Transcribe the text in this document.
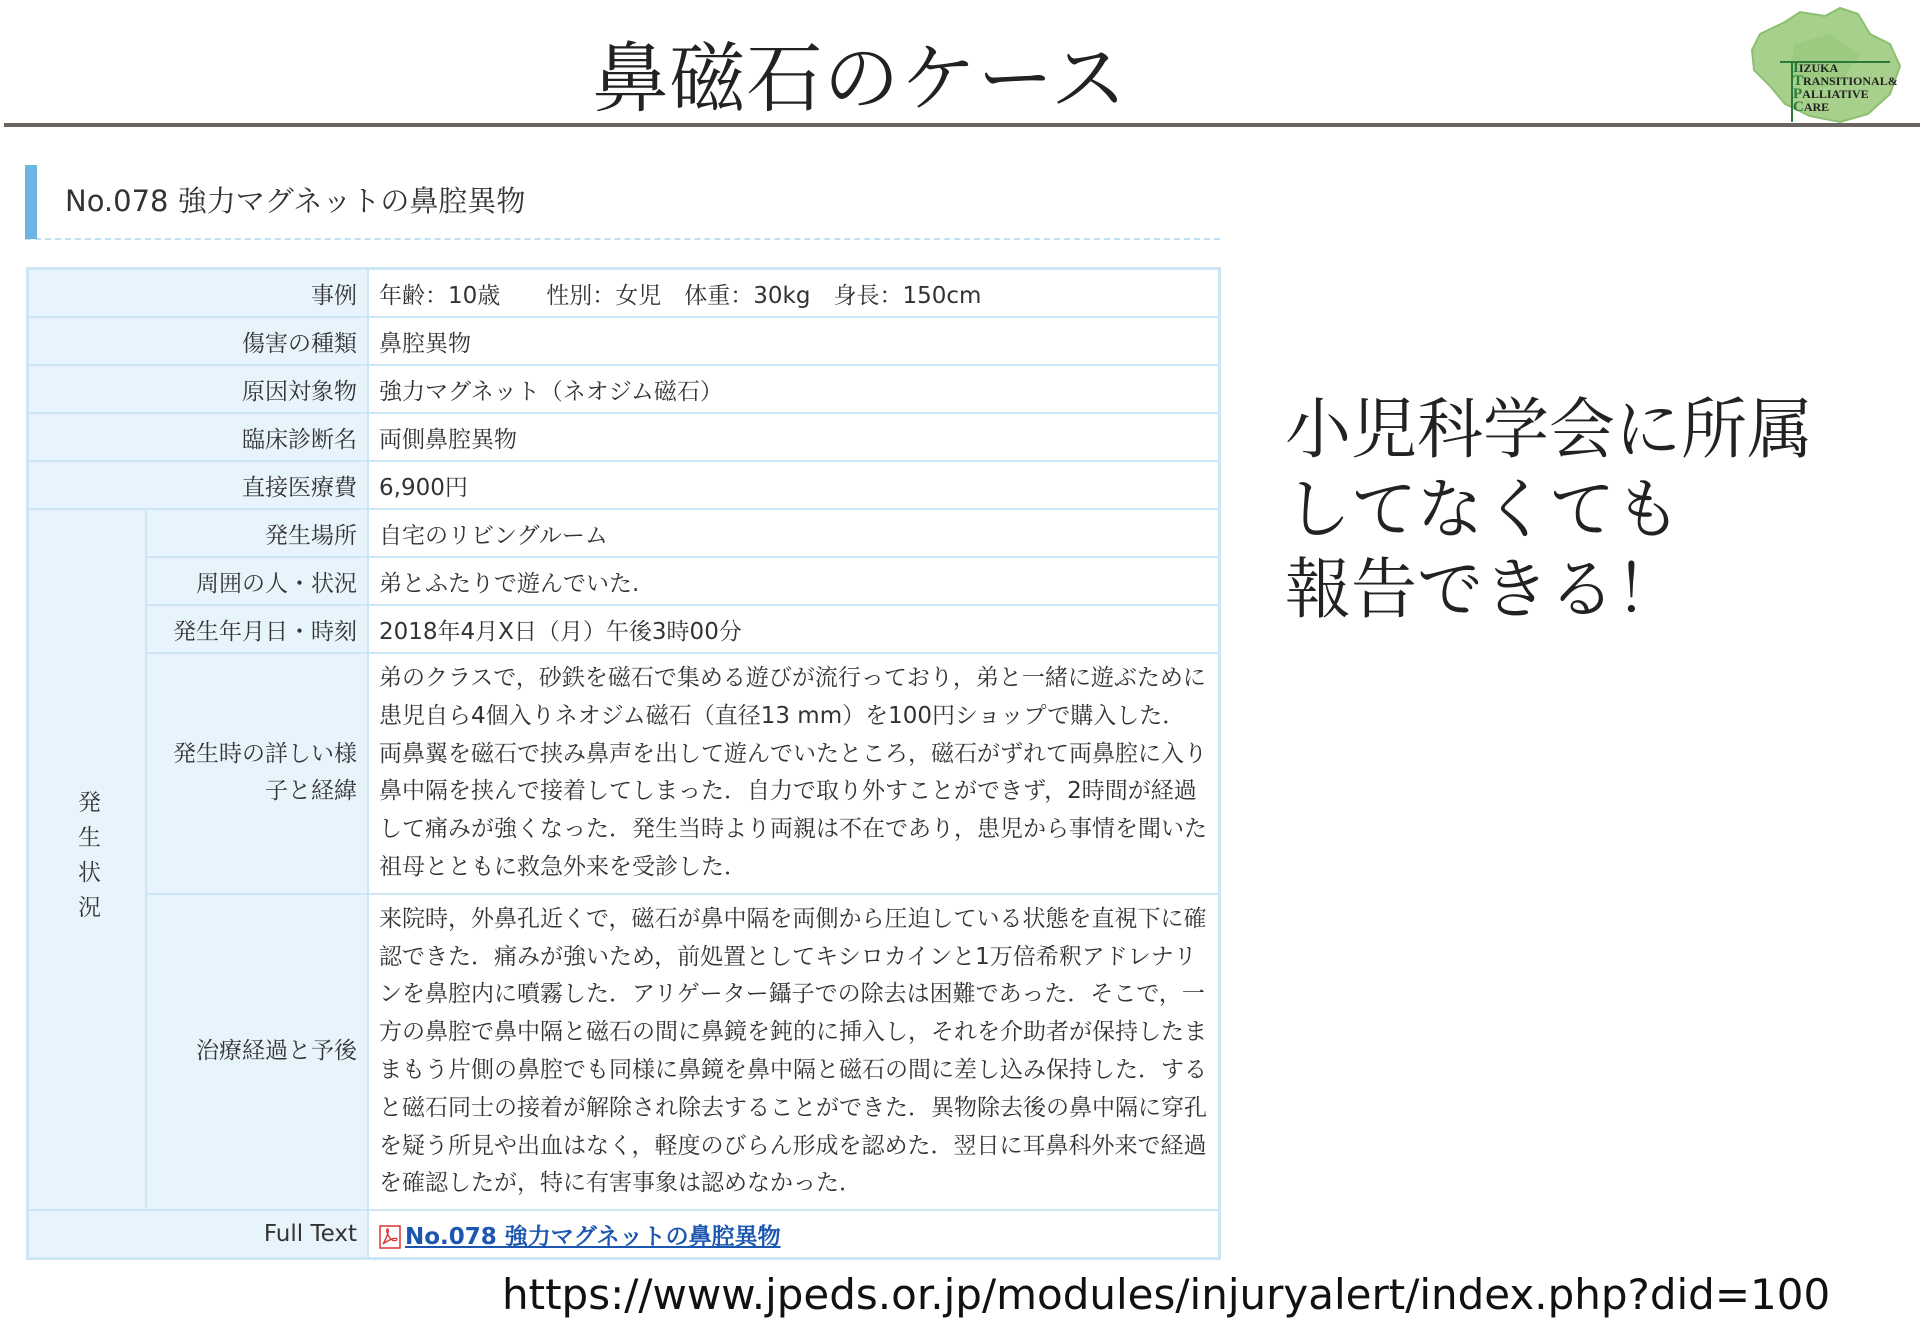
鼻磁石のケース	IIZUKA
TRANSITIONAL&
PALLIATIVE
CARE
No.078 強力マグネットの鼻腔異物
事例		年齢：10歳　　性別：女児　体重：30kg　身長：150cm
傷害の種類		鼻腔異物
原因対象物		強力マグネット（ネオジム磁石）
臨床診断名		両側鼻腔異物
直接医療費		6,900円

発生状況	発生場所	自宅のリビングルーム
	周囲の人・状況	弟とふたりで遊んでいた.
	発生年月日・時刻	2018年4月X日（月）午後3時00分
	発生時の詳しい様子と経緯	弟のクラスで，砂鉄を磁石で集める遊びが流行っており，弟と一緒に遊ぶために患児自ら4個入りネオジム磁石（直径13 mm）を100円ショップで購入した．両鼻翼を磁石で挟み鼻声を出して遊んでいたところ，磁石がずれて両鼻腔に入り鼻中隔を挟んで接着してしまった．自力で取り外すことができず，2時間が経過して痛みが強くなった．発生当時より両親は不在であり，患児から事情を聞いた祖母とともに救急外来を受診した．
	治療経過と予後	来院時，外鼻孔近くで，磁石が鼻中隔を両側から圧迫している状態を直視下に確認できた．痛みが強いため，前処置としてキシロカインと1万倍希釈アドレナリンを鼻腔内に噴霧した．アリゲーター鑷子での除去は困難であった．そこで，一方の鼻腔で鼻中隔と磁石の間に鼻鏡を鈍的に挿入し，それを介助者が保持したままもう片側の鼻腔でも同様に鼻鏡を鼻中隔と磁石の間に差し込み保持した．すると磁石同士の接着が解除され除去することができた．異物除去後の鼻中隔に穿孔を疑う所見や出血はなく，軽度のびらん形成を認めた．翌日に耳鼻科外来で経過を確認したが，特に有害事象は認めなかった．
Full Text		No.078 強力マグネットの鼻腔異物
小児科学会に所属
してなくても
報告できる！
https://www.jpeds.or.jp/modules/injuryalert/index.php?did=100
